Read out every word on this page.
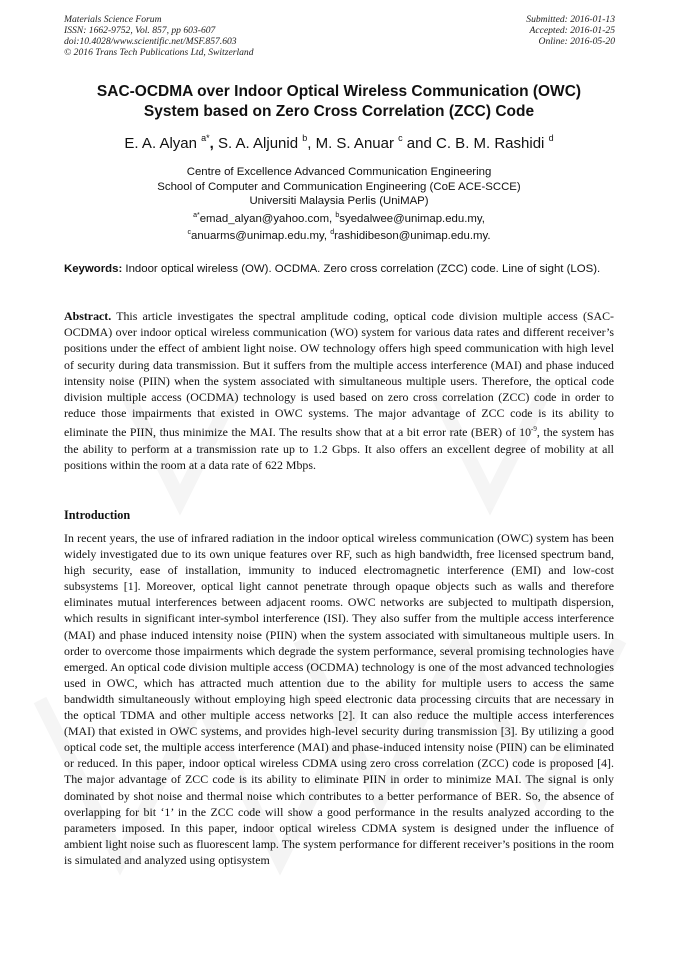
Materials Science Forum
ISSN: 1662-9752, Vol. 857, pp 603-607
doi:10.4028/www.scientific.net/MSF.857.603
© 2016 Trans Tech Publications Ltd, Switzerland
Submitted: 2016-01-13
Accepted: 2016-01-25
Online: 2016-05-20
SAC-OCDMA over Indoor Optical Wireless Communication (OWC)
System based on Zero Cross Correlation (ZCC) Code
E. A. Alyan $^{a*}$, S. A. Aljunid $^b$, M. S. Anuar $^c$ and C. B. M. Rashidi $^d$
Centre of Excellence Advanced Communication Engineering
School of Computer and Communication Engineering (CoE ACE-SCCE)
Universiti Malaysia Perlis (UniMAP)
$^{a*}$emad_alyan@yahoo.com, $^b$syedalwee@unimap.edu.my,
$^c$anuarms@unimap.edu.my, $^d$rashidibeson@unimap.edu.my.
Keywords: Indoor optical wireless (OW). OCDMA. Zero cross correlation (ZCC) code. Line of sight (LOS).
Abstract. This article investigates the spectral amplitude coding, optical code division multiple access (SAC-OCDMA) over indoor optical wireless communication (WO) system for various data rates and different receiver’s positions under the effect of ambient light noise. OW technology offers high speed communication with high level of security during data transmission. But it suffers from the multiple access interference (MAI) and phase induced intensity noise (PIIN) when the system associated with simultaneous multiple users. Therefore, the optical code division multiple access (OCDMA) technology is used based on zero cross correlation (ZCC) code in order to reduce those impairments that existed in OWC systems. The major advantage of ZCC code is its ability to eliminate the PIIN, thus minimize the MAI. The results show that at a bit error rate (BER) of $10^{-9}$, the system has the ability to perform at a transmission rate up to 1.2 Gbps. It also offers an excellent degree of mobility at all positions within the room at a data rate of 622 Mbps.
Introduction
In recent years, the use of infrared radiation in the indoor optical wireless communication (OWC) system has been widely investigated due to its own unique features over RF, such as high bandwidth, free licensed spectrum band, high security, ease of installation, immunity to induced electromagnetic interference (EMI) and low-cost subsystems [1]. Moreover, optical light cannot penetrate through opaque objects such as walls and therefore eliminates mutual interferences between adjacent rooms. OWC networks are subjected to multipath dispersion, which results in significant inter-symbol interference (ISI). They also suffer from the multiple access interference (MAI) and phase induced intensity noise (PIIN) when the system associated with simultaneous multiple users. In order to overcome those impairments which degrade the system performance, several promising technologies have emerged. An optical code division multiple access (OCDMA) technology is one of the most advanced technologies used in OWC, which has attracted much attention due to the ability for multiple users to access the same bandwidth simultaneously without employing high speed electronic data processing circuits that are necessary in the optical TDMA and other multiple access networks [2]. It can also reduce the multiple access interferences (MAI) that existed in OWC systems, and provides high-level security during transmission [3]. By utilizing a good optical code set, the multiple access interference (MAI) and phase-induced intensity noise (PIIN) can be eliminated or reduced. In this paper, indoor optical wireless CDMA using zero cross correlation (ZCC) code is proposed [4]. The major advantage of ZCC code is its ability to eliminate PIIN in order to minimize MAI. The signal is only dominated by shot noise and thermal noise which contributes to a better performance of BER. So, the absence of overlapping for bit ‘1’ in the ZCC code will show a good performance in the results analyzed according to the parameters imposed. In this paper, indoor optical wireless CDMA system is designed under the influence of ambient light noise such as fluorescent lamp. The system performance for different receiver’s positions in the room is simulated and analyzed using optisystem
